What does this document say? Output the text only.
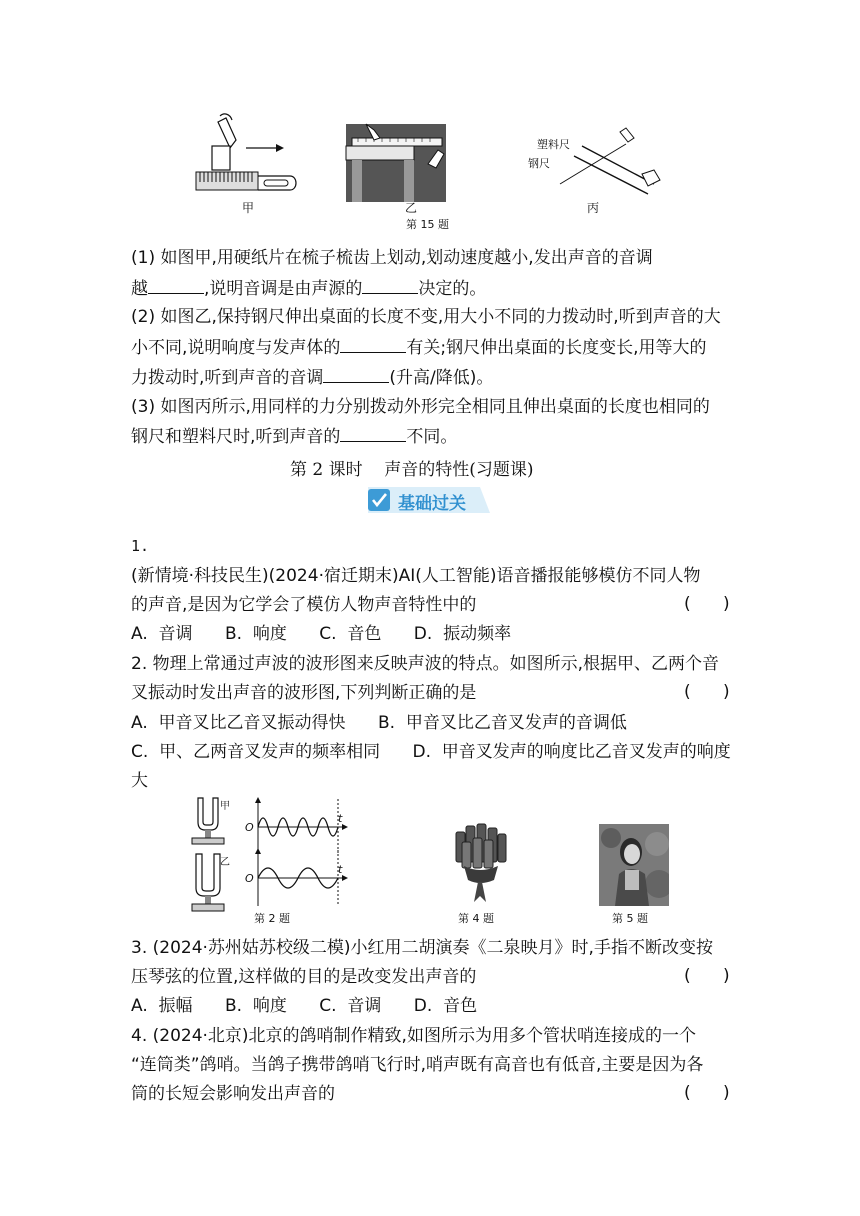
甲	乙
塑料尺
钢尺
丙
第 15 题
(1) 如图甲,用硬纸片在梳子梳齿上划动,划动速度越小,发出声音的音调
越	,说明音调是由声源的	决定的。
(2) 如图乙,保持钢尺伸出桌面的长度不变,用大小不同的力拨动时,听到声音的大
小不同,说明响度与发声体的	有关;钢尺伸出桌面的长度变长,用等大的
力拨动时,听到声音的音调	(升高/降低)。
(3) 如图丙所示,用同样的力分别拨动外形完全相同且伸出桌面的长度也相同的
钢尺和塑料尺时,听到声音的	不同。
第 2 课时    声音的特性(习题课)
基础过关
1.
(新情境·科技民生)(2024·宿迁期末)AI(人工智能)语音播报能够模仿不同人物
的声音,是因为它学会了模仿人物声音特性中的	(      )
A.  音调      B.  响度      C.  音色      D.  振动频率
2. 物理上常通过声波的波形图来反映声波的特点。如图所示,根据甲、乙两个音
叉振动时发出声音的波形图,下列判断正确的是	(      )
A.  甲音叉比乙音叉振动得快      B.  甲音叉比乙音叉发声的音调低
C.  甲、乙两音叉发声的频率相同      D.  甲音叉发声的响度比乙音叉发声的响度
大
甲
乙
O
t
O
t
第 2 题	第 4 题	第 5 题
3. (2024·苏州姑苏校级二模)小红用二胡演奏《二泉映月》时,手指不断改变按
压琴弦的位置,这样做的目的是改变发出声音的	(      )
A.  振幅      B.  响度      C.  音调      D.  音色
4. (2024·北京)北京的鸽哨制作精致,如图所示为用多个管状哨连接成的一个
“连筒类”鸽哨。当鸽子携带鸽哨飞行时,哨声既有高音也有低音,主要是因为各
筒的长短会影响发出声音的	(      )
